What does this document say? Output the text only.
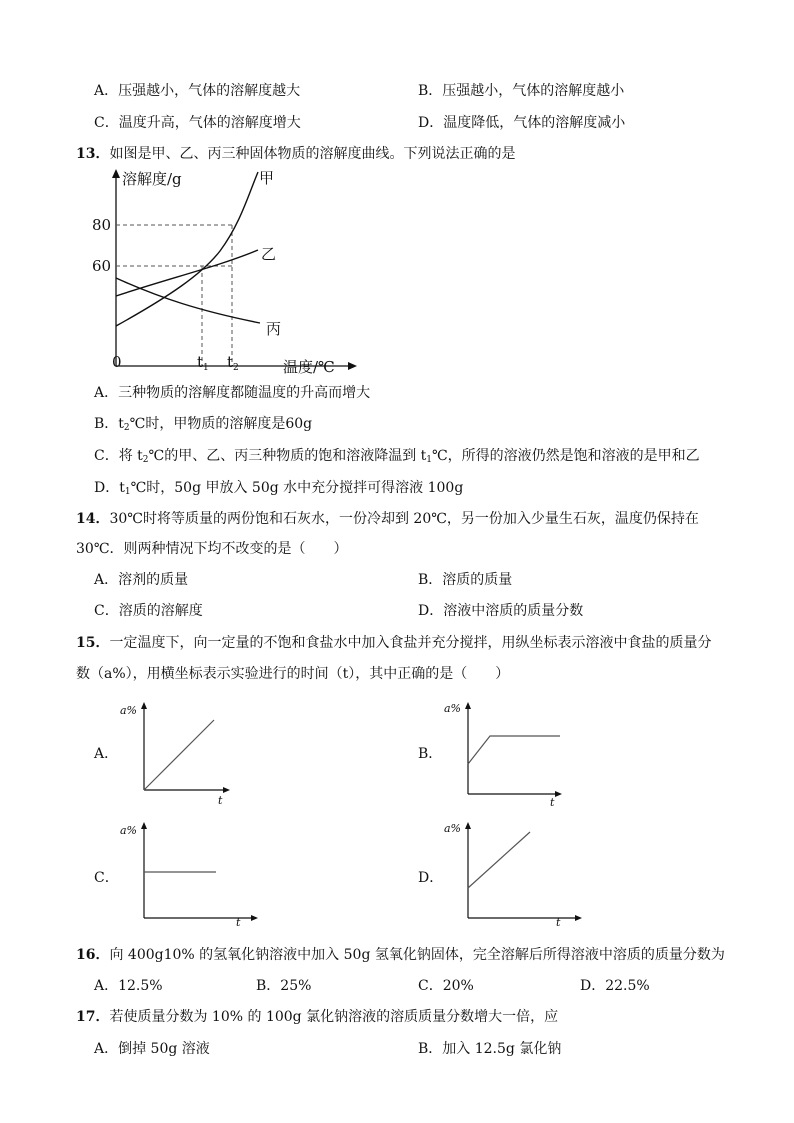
A．压强越小，气体的溶解度越大	B．压强越小，气体的溶解度越小
C．温度升高，气体的溶解度增大	D．温度降低，气体的溶解度减小
13．如图是甲、乙、丙三种固体物质的溶解度曲线。下列说法正确的是
溶解度/g	甲
乙
丙
80
60
0	$t_1$ $t_2$	温度/℃
A．三种物质的溶解度都随温度的升高而增大
B．$t_2℃$时，甲物质的溶解度是60g
C．将 $t_2℃$的甲、乙、丙三种物质的饱和溶液降温到 $t_1℃$，所得的溶液仍然是饱和溶液的是甲和乙
D．$t_1℃$时，50g 甲放入 50g 水中充分搅拌可得溶液 100g
14．30℃时将等质量的两份饱和石灰水，一份冷却到 20℃，另一份加入少量生石灰，温度仍保持在
30℃．则两种情况下均不改变的是（　　）
A．溶剂的质量	B．溶质的质量
C．溶质的溶解度	D．溶液中溶质的质量分数
15．一定温度下，向一定量的不饱和食盐水中加入食盐并充分搅拌，用纵坐标表示溶液中食盐的质量分
数（a%），用横坐标表示实验进行的时间（t），其中正确的是（　　）
A．	B．
C．	D．
a%
t
a%
t
a%
t
a%
t
16．向 400g10% 的氢氧化钠溶液中加入 50g 氢氧化钠固体，完全溶解后所得溶液中溶质的质量分数为
A．12.5%	B．25%	C．20%	D．22.5%
17．若使质量分数为 10% 的 100g 氯化钠溶液的溶质质量分数增大一倍，应
A．倒掉 50g 溶液	B．加入 12.5g 氯化钠
